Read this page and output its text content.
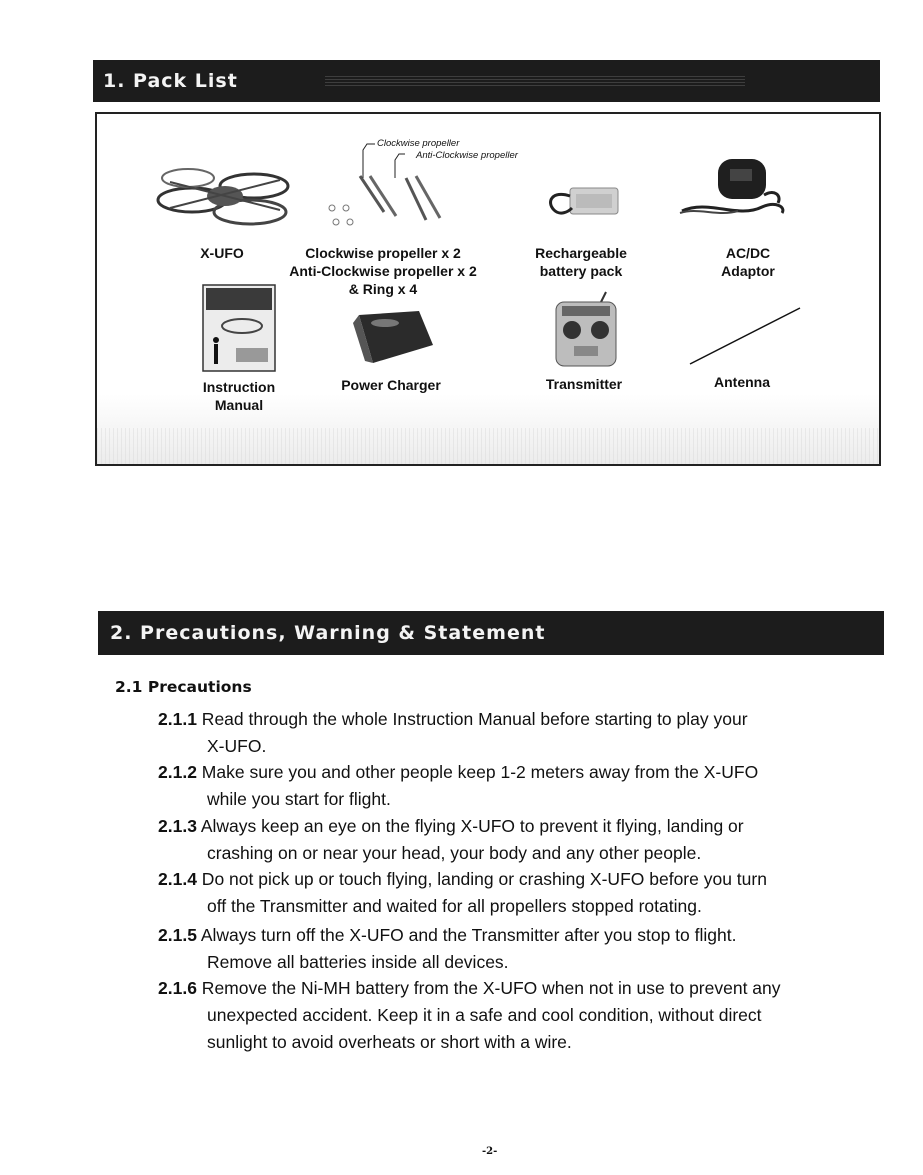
1. Pack List
Clockwise propeller
Anti-Clockwise propeller
X-UFO	Clockwise propeller x 2
Anti-Clockwise propeller x 2
& Ring x 4
Rechargeable
battery pack
AC/DC
Adaptor
Instruction
Manual
Power Charger	Transmitter	Antenna
2. Precautions, Warning & Statement
2.1 Precautions
2.1.1 Read through the whole Instruction Manual before starting to play your
X-UFO.
2.1.2 Make sure you and other people keep 1-2 meters away from the X-UFO
while you start for flight.
2.1.3 Always keep an eye on the flying X-UFO to prevent it flying, landing or
crashing on or near your head, your body and any other people.
2.1.4 Do not pick up or touch flying, landing or crashing X-UFO before you turn
off the Transmitter and waited for all propellers stopped rotating.
2.1.5 Always turn off the X-UFO and the Transmitter after you stop to flight.
Remove all batteries inside all devices.
2.1.6 Remove the Ni-MH battery from the X-UFO when not in use to prevent any
unexpected accident. Keep it in a safe and cool condition, without direct
sunlight to avoid overheats or short with a wire.
-2-
